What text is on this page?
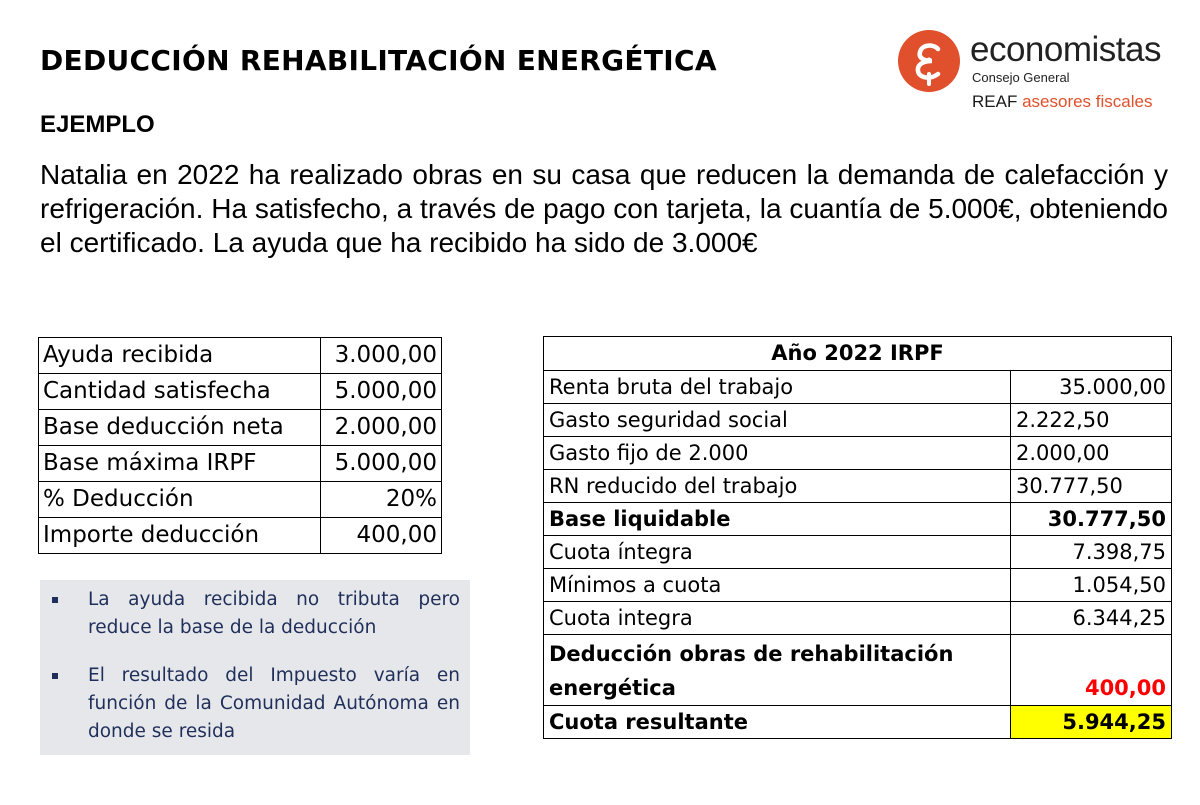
DEDUCCIÓN REHABILITACIÓN ENERGÉTICA
EJEMPLO
economistas
Consejo General
REAF asesores fiscales

Natalia en 2022 ha realizado obras en su casa que reducen la demanda de calefacción y refrigeración. Ha satisfecho, a través de pago con tarjeta, la cuantía de 5.000€, obteniendo el certificado. La ayuda que ha recibido ha sido de 3.000€

Ayuda recibida	3.000,00
Cantidad satisfecha	5.000,00
Base deducción neta	2.000,00
Base máxima IRPF	5.000,00
% Deducción	20%
Importe deducción	400,00
La ayuda recibida no tributa pero reduce la base de la deducción
El resultado del Impuesto varía en función de la Comunidad Autónoma en donde se resida
Año 2022 IRPF	
Renta bruta del trabajo	35.000,00
Gasto seguridad social	2.222,50
Gasto fijo de 2.000	2.000,00
RN reducido del trabajo	30.777,50
Base liquidable	30.777,50
Cuota íntegra	7.398,75
Mínimos a cuota	1.054,50
Cuota integra	6.344,25
Deducción obras de rehabilitación energética	400,00
Cuota resultante	5.944,25
